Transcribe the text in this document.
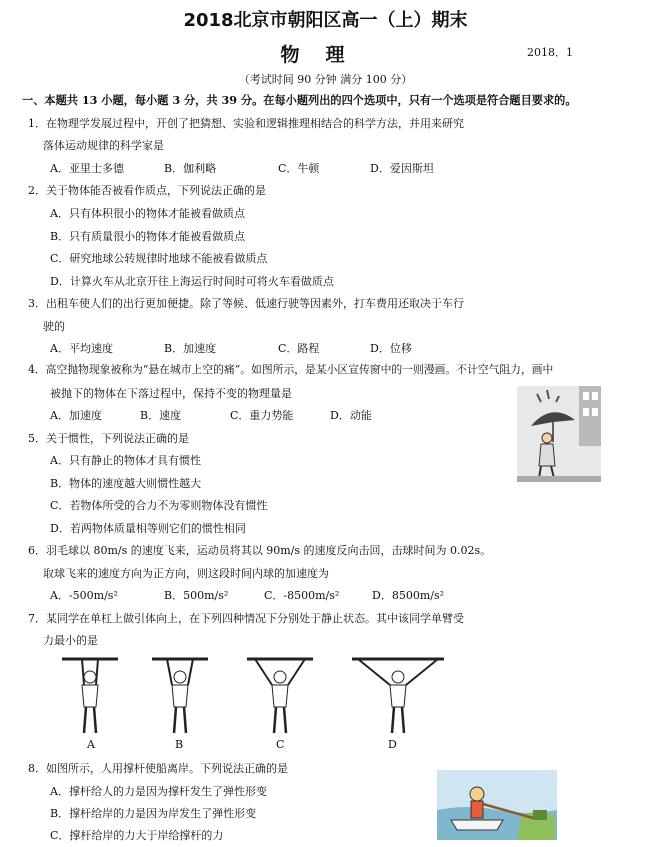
2018北京市朝阳区高一（上）期末
物理	2018．1
（考试时间 90 分钟 满分 100 分）
一、本题共 13 小题，每小题 3 分，共 39 分。在每小题列出的四个选项中，只有一个选项是符合题目要求的。
1．在物理学发展过程中，开创了把猜想、实验和逻辑推理相结合的科学方法，并用来研究
落体运动规律的科学家是
A．亚里士多德	B．伽利略	C．牛顿	D．爱因斯坦
2．关于物体能否被看作质点，下列说法正确的是
A．只有体积很小的物体才能被看做质点
B．只有质量很小的物体才能被看做质点
C．研究地球公转规律时地球不能被看做质点
D．计算火车从北京开往上海运行时间时可将火车看做质点
3．出租车使人们的出行更加便捷。除了等候、低速行驶等因素外，打车费用还取决于车行
驶的
A．平均速度	B．加速度	C．路程	D．位移
4．高空抛物现象被称为“悬在城市上空的痛”。如图所示，是某小区宣传窗中的一则漫画。不计空气阻力，画中
被抛下的物体在下落过程中，保持不变的物理量是
A．加速度	B．速度	C．重力势能	D．动能
5．关于惯性，下列说法正确的是
A．只有静止的物体才具有惯性
B．物体的速度越大则惯性越大
C．若物体所受的合力不为零则物体没有惯性
D．若两物体质量相等则它们的惯性相同
6．羽毛球以 80m/s 的速度飞来，运动员将其以 90m/s 的速度反向击回，击球时间为 0.02s。
取球飞来的速度方向为正方向，则这段时间内球的加速度为
A．-500m/s²	B．500m/s²	C．-8500m/s²	D．8500m/s²
7．某同学在单杠上做引体向上，在下列四种情况下分别处于静止状态。其中该同学单臂受
力最小的是
A	B	C	D
8．如图所示，人用撑杆使船离岸。下列说法正确的是
A．撑杆给人的力是因为撑杆发生了弹性形变
B．撑杆给岸的力是因为岸发生了弹性形变
C．撑杆给岸的力大于岸给撑杆的力
